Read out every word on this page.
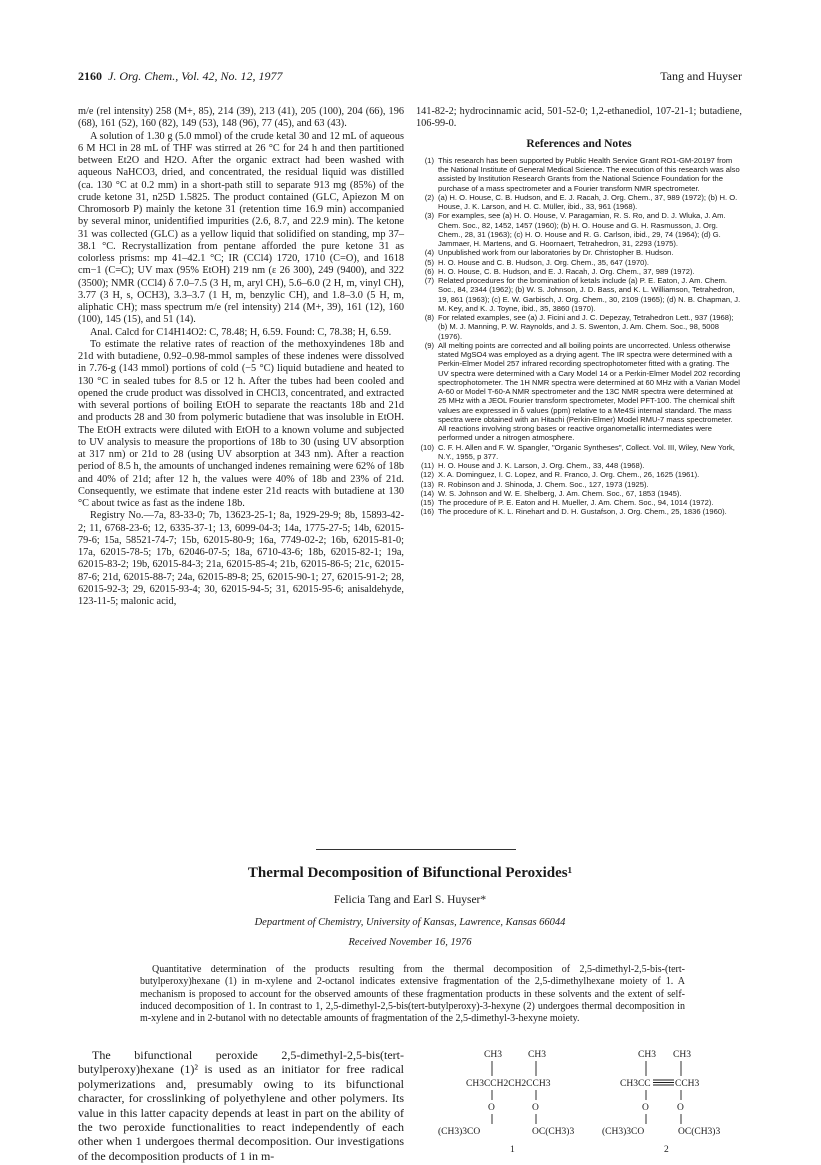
2160 J. Org. Chem., Vol. 42, No. 12, 1977	Tang and Huyser

m/e (rel intensity) 258 (M+, 85), 214 (39), 213 (41), 205 (100), 204 (66), 196 (68), 161 (52), 160 (82), 149 (53), 148 (96), 77 (45), and 63 (43).

A solution of 1.30 g (5.0 mmol) of the crude ketal 30 and 12 mL of aqueous 6 M HCl in 28 mL of THF was stirred at 26 °C for 24 h and then partitioned between Et2O and H2O. After the organic extract had been washed with aqueous NaHCO3, dried, and concentrated, the residual liquid was distilled (ca. 130 °C at 0.2 mm) in a short-path still to separate 913 mg (85%) of the crude ketone 31, n25D 1.5825. The product contained (GLC, Apiezon M on Chromosorb P) mainly the ketone 31 (retention time 16.9 min) accompanied by several minor, unidentified impurities (2.6, 8.7, and 22.9 min). The ketone 31 was collected (GLC) as a yellow liquid that solidified on standing, mp 37–38.1 °C. Recrystallization from pentane afforded the pure ketone 31 as colorless prisms: mp 41–42.1 °C; IR (CCl4) 1720, 1710 (C=O), and 1618 cm−1 (C=C); UV max (95% EtOH) 219 nm (ε 26 300), 249 (9400), and 322 (3500); NMR (CCl4) δ 7.0–7.5 (3 H, m, aryl CH), 5.6–6.0 (2 H, m, vinyl CH), 3.77 (3 H, s, OCH3), 3.3–3.7 (1 H, m, benzylic CH), and 1.8–3.0 (5 H, m, aliphatic CH); mass spectrum m/e (rel intensity) 214 (M+, 39), 161 (12), 160 (100), 145 (15), and 51 (14).

Anal. Calcd for C14H14O2: C, 78.48; H, 6.59. Found: C, 78.38; H, 6.59.

To estimate the relative rates of reaction of the methoxyindenes 18b and 21d with butadiene, 0.92–0.98-mmol samples of these indenes were dissolved in 7.76-g (143 mmol) portions of cold (−5 °C) liquid butadiene and heated to 130 °C in sealed tubes for 8.5 or 12 h. After the tubes had been cooled and opened the crude product was dissolved in CHCl3, concentrated, and extracted with several portions of boiling EtOH to separate the reactants 18b and 21d and products 28 and 30 from polymeric butadiene that was insoluble in EtOH. The EtOH extracts were diluted with EtOH to a known volume and subjected to UV analysis to measure the proportions of 18b to 30 (using UV absorption at 317 nm) or 21d to 28 (using UV absorption at 343 nm). After a reaction period of 8.5 h, the amounts of unchanged indenes remaining were 62% of 18b and 40% of 21d; after 12 h, the values were 40% of 18b and 23% of 21d. Consequently, we estimate that indene ester 21d reacts with butadiene at 130 °C about twice as fast as the indene 18b.

Registry No.—7a, 83-33-0; 7b, 13623-25-1; 8a, 1929-29-9; 8b, 15893-42-2; 11, 6768-23-6; 12, 6335-37-1; 13, 6099-04-3; 14a, 1775-27-5; 14b, 62015-79-6; 15a, 58521-74-7; 15b, 62015-80-9; 16a, 7749-02-2; 16b, 62015-81-0; 17a, 62015-78-5; 17b, 62046-07-5; 18a, 6710-43-6; 18b, 62015-82-1; 19a, 62015-83-2; 19b, 62015-84-3; 21a, 62015-85-4; 21b, 62015-86-5; 21c, 62015-87-6; 21d, 62015-88-7; 24a, 62015-89-8; 25, 62015-90-1; 27, 62015-91-2; 28, 62015-92-3; 29, 62015-93-4; 30, 62015-94-5; 31, 62015-95-6; anisaldehyde, 123-11-5; malonic acid,

141-82-2; hydrocinnamic acid, 501-52-0; 1,2-ethanediol, 107-21-1; butadiene, 106-99-0.

References and Notes
(1) This research has been supported by Public Health Service Grant RO1-GM-20197 from the National Institute of General Medical Science. The execution of this research was also assisted by Institution Research Grants from the National Science Foundation for the purchase of a mass spectrometer and a Fourier transform NMR spectrometer.
(2) (a) H. O. House, C. B. Hudson, and E. J. Racah, J. Org. Chem., 37, 989 (1972); (b) H. O. House, J. K. Larson, and H. C. Müller, ibid., 33, 961 (1968).
(3) For examples, see (a) H. O. House, V. Paragamian, R. S. Ro, and D. J. Wluka, J. Am. Chem. Soc., 82, 1452, 1457 (1960); (b) H. O. House and G. H. Rasmusson, J. Org. Chem., 28, 31 (1963); (c) H. O. House and R. G. Carlson, ibid., 29, 74 (1964); (d) G. Jammaer, H. Martens, and G. Hoornaert, Tetrahedron, 31, 2293 (1975).
(4) Unpublished work from our laboratories by Dr. Christopher B. Hudson.
(5) H. O. House and C. B. Hudson, J. Org. Chem., 35, 647 (1970).
(6) H. O. House, C. B. Hudson, and E. J. Racah, J. Org. Chem., 37, 989 (1972).
(7) Related procedures for the bromination of ketals include (a) P. E. Eaton, J. Am. Chem. Soc., 84, 2344 (1962); (b) W. S. Johnson, J. D. Bass, and K. L. Williamson, Tetrahedron, 19, 861 (1963); (c) E. W. Garbisch, J. Org. Chem., 30, 2109 (1965); (d) N. B. Chapman, J. M. Key, and K. J. Toyne, ibid., 35, 3860 (1970).
(8) For related examples, see (a) J. Ficini and J. C. Depezay, Tetrahedron Lett., 937 (1968); (b) M. J. Manning, P. W. Raynolds, and J. S. Swenton, J. Am. Chem. Soc., 98, 5008 (1976).
(9) All melting points are corrected and all boiling points are uncorrected. Unless otherwise stated MgSO4 was employed as a drying agent. The IR spectra were determined with a Perkin-Elmer Model 257 infrared recording spectrophotometer fitted with a grating. The UV spectra were determined with a Cary Model 14 or a Perkin-Elmer Model 202 recording spectrophotometer. The 1H NMR spectra were determined at 60 MHz with a Varian Model A-60 or Model T-60-A NMR spectrometer and the 13C NMR spectra were determined at 25 MHz with a JEOL Fourier transform spectrometer, Model PFT-100. The chemical shift values are expressed in δ values (ppm) relative to a Me4Si internal standard. The mass spectra were obtained with an Hitachi (Perkin-Elmer) Model RMU-7 mass spectrometer. All reactions involving strong bases or reactive organometallic intermediates were performed under a nitrogen atmosphere.
(10) C. F. H. Allen and F. W. Spangler, "Organic Syntheses", Collect. Vol. III, Wiley, New York, N.Y., 1955, p 377.
(11) H. O. House and J. K. Larson, J. Org. Chem., 33, 448 (1968).
(12) X. A. Dominguez, I. C. Lopez, and R. Franco, J. Org. Chem., 26, 1625 (1961).
(13) R. Robinson and J. Shinoda, J. Chem. Soc., 127, 1973 (1925).
(14) W. S. Johnson and W. E. Shelberg, J. Am. Chem. Soc., 67, 1853 (1945).
(15) The procedure of P. E. Eaton and H. Mueller, J. Am. Chem. Soc., 94, 1014 (1972).
(16) The procedure of K. L. Rinehart and D. H. Gustafson, J. Org. Chem., 25, 1836 (1960).
Thermal Decomposition of Bifunctional Peroxides¹
Felicia Tang and Earl S. Huyser*
Department of Chemistry, University of Kansas, Lawrence, Kansas 66044
Received November 16, 1976
Quantitative determination of the products resulting from the thermal decomposition of 2,5-dimethyl-2,5-bis-(tert-butylperoxy)hexane (1) in m-xylene and 2-octanol indicates extensive fragmentation of the 2,5-dimethylhexane moiety of 1. A mechanism is proposed to account for the observed amounts of these fragmentation products in these solvents and the extent of self-induced decomposition of 1. In contrast to 1, 2,5-dimethyl-2,5-bis(tert-butylperoxy)-3-hexyne (2) undergoes thermal decomposition in m-xylene and in 2-butanol with no detectable amounts of fragmentation of the 2,5-dimethyl-3-hexyne moiety.
The bifunctional peroxide 2,5-dimethyl-2,5-bis(tert-butylperoxy)hexane (1)² is used as an initiator for free radical polymerizations and, presumably owing to its bifunctional character, for crosslinking of polyethylene and other polymers. Its value in this latter capacity depends at least in part on the ability of the two peroxide functionalities to react independently of each other when 1 undergoes thermal decomposition. Our investigations of the decomposition products of 1 in m-
CH3	CH3
CH3CCH2CH2CCH3
O	O
(CH3)3CO	OC(CH3)3
1
CH3 CH3
CH3CC	CCH3
O	O
(CH3)3CO	OC(CH3)3
2
